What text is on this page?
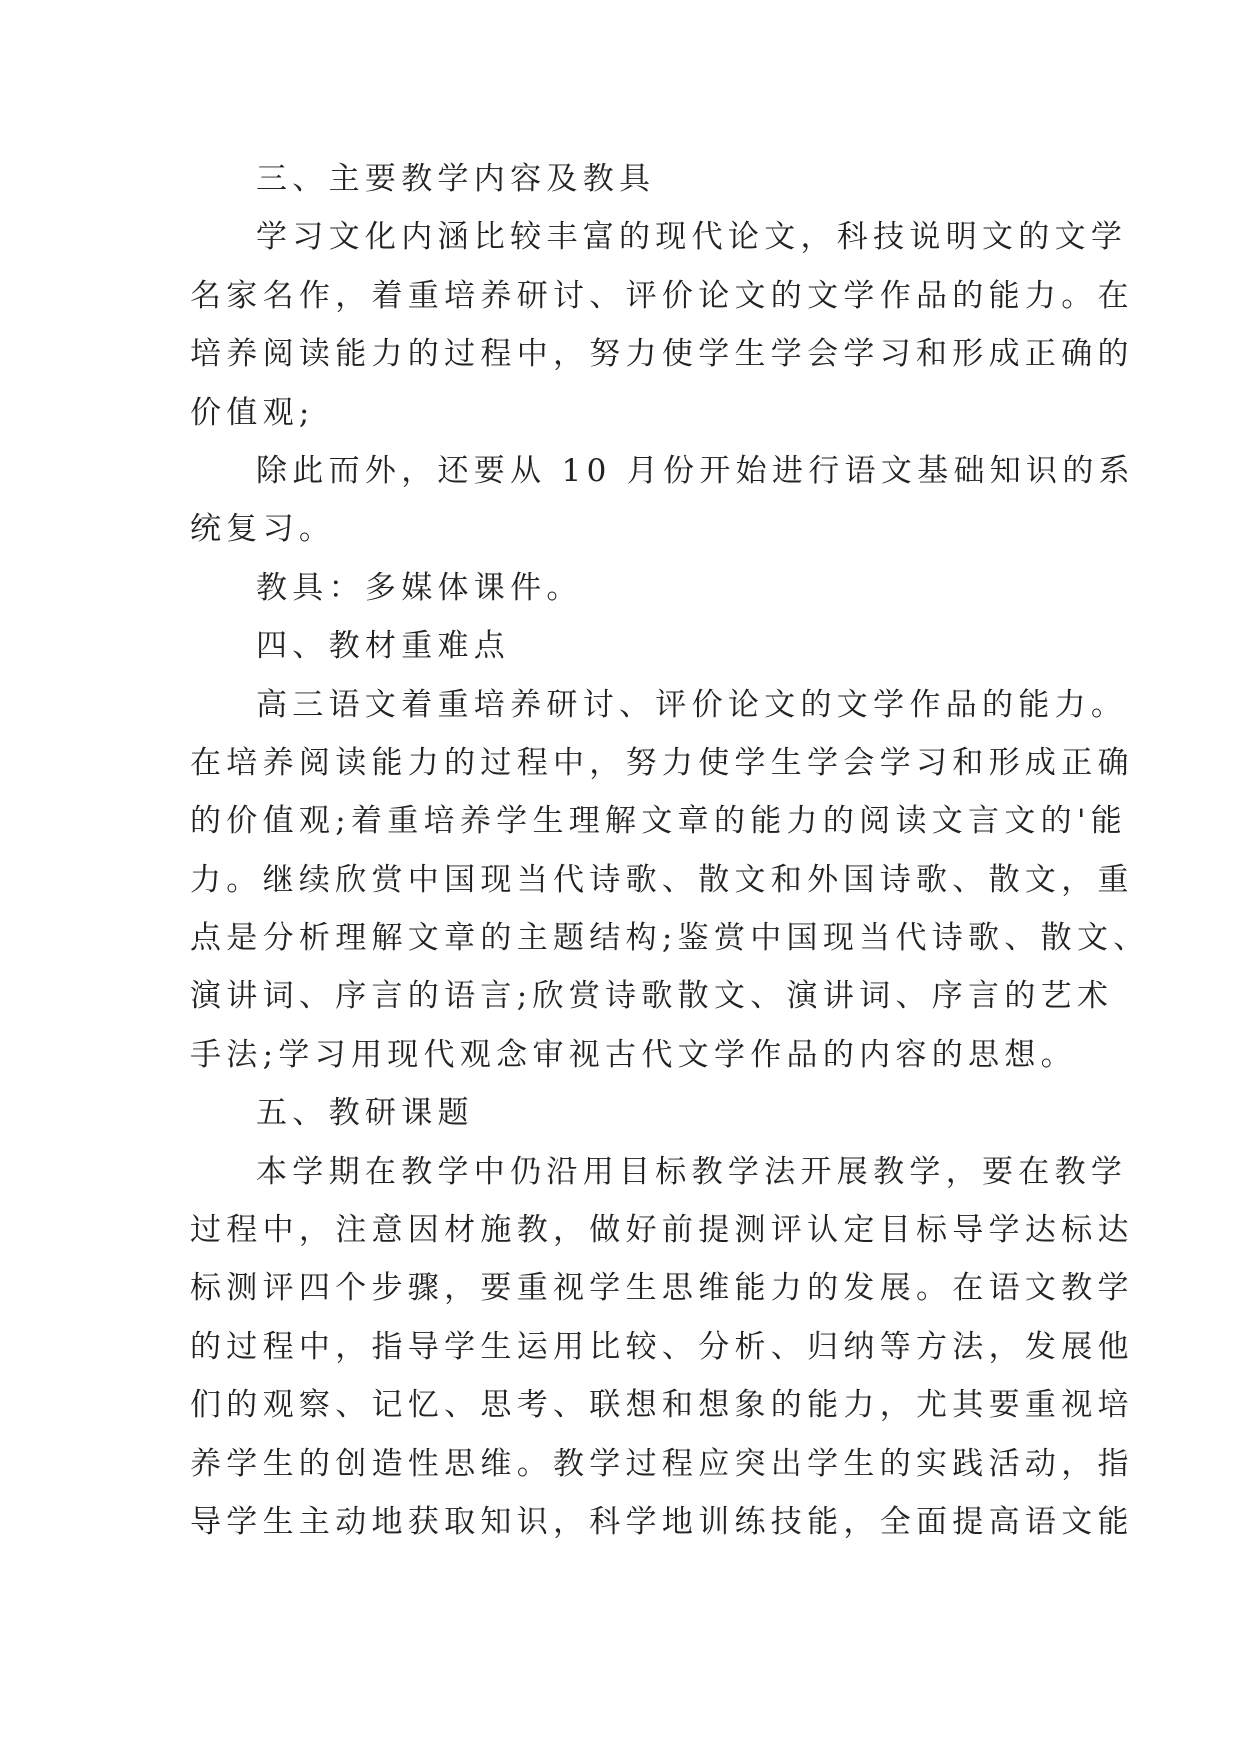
三、主要教学内容及教具
学习文化内涵比较丰富的现代论文，科技说明文的文学
名家名作，着重培养研讨、评价论文的文学作品的能力。在
培养阅读能力的过程中，努力使学生学会学习和形成正确的
价值观;
除此而外，还要从 10 月份开始进行语文基础知识的系
统复习。
教具：多媒体课件。
四、教材重难点
高三语文着重培养研讨、评价论文的文学作品的能力。
在培养阅读能力的过程中，努力使学生学会学习和形成正确
的价值观;着重培养学生理解文章的能力的阅读文言文的'能
力。继续欣赏中国现当代诗歌、散文和外国诗歌、散文，重
点是分析理解文章的主题结构;鉴赏中国现当代诗歌、散文、
演讲词、序言的语言;欣赏诗歌散文、演讲词、序言的艺术
手法;学习用现代观念审视古代文学作品的内容的思想。
五、教研课题
本学期在教学中仍沿用目标教学法开展教学，要在教学
过程中，注意因材施教，做好前提测评认定目标导学达标达
标测评四个步骤，要重视学生思维能力的发展。在语文教学
的过程中，指导学生运用比较、分析、归纳等方法，发展他
们的观察、记忆、思考、联想和想象的能力，尤其要重视培
养学生的创造性思维。教学过程应突出学生的实践活动，指
导学生主动地获取知识，科学地训练技能，全面提高语文能
